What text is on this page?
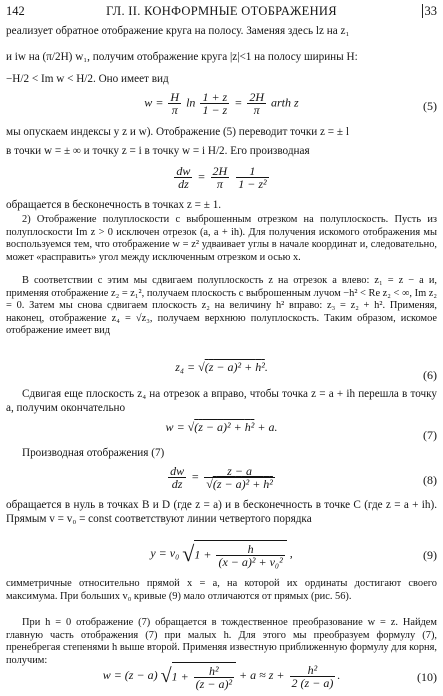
142	ГЛ. II. КОНФОРМНЫЕ ОТОБРАЖЕНИЯ	33

реализует обратное отображение круга на полосу. Заменяя здесь lz на z₁

и iw на (π/2H) w₁, получим отображение круга |z|<1 на полосу ширины H:

−H/2 < Im w < H/2. Оно имеет вид

$w = \frac{H}{\pi}$ $\ln \frac{1 + z}{1 - z} = \frac{2H}{\pi}$ arth z	(5)

мы опускаем индексы у z и w). Отображение (5) переводит точки z = ± l

в точки w = ± ∞ и точку z = i в точку w = i H/2. Его производная

$\frac{dw}{dz} = \frac{2H}{\pi}$
$\frac{1}{\text{1 − z²}}$

обращается в бесконечность в точках z = ± 1.

2) Отображение полуплоскости с выброшенным отрезком на полуплоскость. Пусть из полуплоскости Im z > 0 исключен отрезок (a, a + ih). Для получения искомого отображения мы воспользуемся тем, что отображение w = z² удваивает углы в начале координат и, следовательно, может «расправить» угол между исключенным отрезком и осью x.

В соответствии с этим мы сдвигаем полуплоскость z на отрезок a влево: z₁ = z − a и, применяя отображение z₂ = z₁², получаем плоскость с выброшенным лучом −h² < Re z₂ < ∞, Im z₂ = 0. Затем мы снова сдвигаем плоскость z₂ на величину h² вправо: z₃ = z₂ + h². Применяя, наконец, отображение z₄ = √z₃, получаем верхнюю полуплоскость. Таким образом, искомое отображение имеет вид

z₄ = √(z − a)² + h².
(6)

Сдвигая еще плоскость z₄ на отрезок a вправо, чтобы точка z = a + ih перешла в точку a, получим окончательно

w = √(z − a)² + h² + a.
(7)

Производная отображения (7)

$\frac{dw}{dz} = \frac{z - a}{\text{√(z − a)² + h²}}$	(8)

обращается в нуль в точках B и D (где z = a) и в бесконечность в точке C (где z = a + ih). Прямым v = v₀ = const соответствуют линии четвертого порядка

y = v₀ $√1 + \frac{h}{\text{(x − a)² + v₀²}}$ ,	(9)

симметричные относительно прямой x = a, на которой их ординаты достигают своего максимума. При больших v₀ кривые (9) мало отличаются от прямых (рис. 56).

При h = 0 отображение (7) обращается в тождественное преобразование w = z. Найдем главную часть отображения (7) при малых h. Для этого мы преобразуем формулу (7), пренебрегая степенями h выше второй. Применяя известную приближенную формулу для корня, получим:

w = (z − a) $√1 + \frac{\text{h²}}{\text{(z − a)²}} + a \approx z + \frac{\text{h²}}{2 (z - a)}$ .	(10)
